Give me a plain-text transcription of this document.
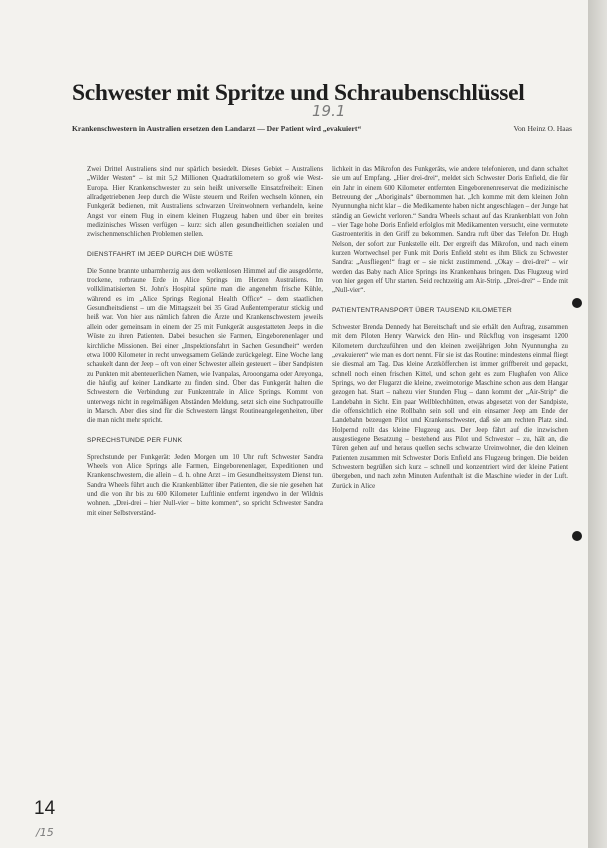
19.1
Schwester mit Spritze und Schraubenschlüssel
Krankenschwestern in Australien ersetzen den Landarzt — Der Patient wird „evakuiert“	Von Heinz O. Haas

Zwei Drittel Australiens sind nur spärlich besiedelt. Dieses Gebiet – Australiens „Wilder Westen“ – ist mit 5,2 Millionen Quadratkilometern so groß wie West-Europa. Hier Krankenschwester zu sein heißt universelle Einsatzfreiheit: Einen allradgetriebenen Jeep durch die Wüste steuern und Reifen wechseln können, ein Funkgerät bedienen, mit Australiens schwarzen Ureinwohnern verhandeln, keine Angst vor einem Flug in einem kleinen Flugzeug haben und über ein breites medizinisches Wissen verfügen – kurz: sich allen gesundheitlichen sozialen und zwischenmenschlichen Problemen stellen.

DIENSTFAHRT IM JEEP DURCH DIE WÜSTE

Die Sonne brannte unbarmherzig aus dem wolkenlosen Himmel auf die ausgedörrte, trockene, rotbraune Erde in Alice Springs im Herzen Australiens. Im vollklimatisierten St. John's Hospital spürte man die angenehm frische Kühle, während es im „Alice Springs Regional Health Office“ – dem staatlichen Gesundheitsdienst – um die Mittagszeit bei 35 Grad Außentemperatur stickig und heiß war. Von hier aus nämlich fahren die Ärzte und Krankenschwestern jeweils allein oder gemeinsam in einem der 25 mit Funkgerät ausgestatteten Jeeps in die Wüste zu ihren Patienten. Dabei besuchen sie Farmen, Eingeborenenlager und kirchliche Missionen. Bei einer „Inspektionsfahrt in Sachen Gesundheit“ werden etwa 1000 Kilometer in recht unwegsamem Gelände zurückgelegt. Eine Woche lang schaukelt dann der Jeep – oft von einer Schwester allein gesteuert – über Sandpisten zu Punkten mit abenteuerlichen Namen, wie Ivanpalas, Arooongama oder Areyonga, die häufig auf keiner Landkarte zu finden sind. Über das Funkgerät halten die Schwestern die Verbindung zur Funkzentrale in Alice Springs. Kommt von unterwegs nicht in regelmäßigen Abständen Meldung, setzt sich eine Suchpatrouille in Marsch. Aber dies sind für die Schwestern längst Routineangelegenheiten, über die man nicht mehr spricht.

SPRECHSTUNDE PER FUNK

Sprechstunde per Funkgerät: Jeden Morgen um 10 Uhr ruft Schwester Sandra Wheels von Alice Springs alle Farmen, Eingeborenenlager, Expeditionen und Krankenschwestern, die allein – d. h. ohne Arzt – im Gesundheitssystem Dienst tun. Sandra Wheels führt auch die Krankenblätter über Patienten, die sie nie gesehen hat und die von ihr bis zu 600 Kilometer Luftlinie entfernt irgendwo in der Wildnis wohnen. „Drei-drei – hier Null-vier – bitte kommen“, so spricht Schwester Sandra mit einer Selbstverständ-

lichkeit in das Mikrofon des Funkgeräts, wie andere telefonieren, und dann schaltet sie um auf Empfang. „Hier drei-drei“, meldet sich Schwester Doris Enfield, die für ein Jahr in einem 600 Kilometer entfernten Eingeborenenreservat die medizinische Betreuung der „Aboriginals“ übernommen hat. „Ich komme mit dem kleinen John Nyunnungha nicht klar – die Medikamente haben nicht angeschlagen – der Junge hat ständig an Gewicht verloren.“ Sandra Wheels schaut auf das Krankenblatt von John – vier Tage hohe Doris Enfield erfolglos mit Medikamenten versucht, eine vermutete Gastroenteritis in den Griff zu bekommen. Sandra ruft über das Telefon Dr. Hugh Nelson, der sofort zur Funkstelle eilt. Der ergreift das Mikrofon, und nach einem kurzen Wortwechsel per Funk mit Doris Enfield steht es ihm Blick zu Schwester Sandra: „Ausfliegen!“ fragt er – sie nickt zustimmend. „Okay – drei-drei“ – wir werden das Baby nach Alice Springs ins Krankenhaus bringen. Das Flugzeug wird von hier gegen elf Uhr starten. Seid rechtzeitig am Air-Strip. „Drei-drei“ – Ende mit „Null-vier“.

PATIENTENTRANSPORT ÜBER TAUSEND KILOMETER

Schwester Brenda Dennedy hat Bereitschaft und sie erhält den Auftrag, zusammen mit dem Piloten Henry Warwick den Hin- und Rückflug von insgesamt 1200 Kilometern durchzuführen und den kleinen zweijährigen John Nyunnungha zu „evakuieren“ wie man es dort nennt. Für sie ist das Routine: mindestens einmal fliegt sie diesmal am Tag. Das kleine Arztköfferchen ist immer griffbereit und gepackt, schnell noch einen frischen Kittel, und schon geht es zum Flughafen von Alice Springs, wo der Flugarzt die kleine, zweimotorige Maschine schon aus dem Hangar gezogen hat. Start – nahezu vier Stunden Flug – dann kommt der „Air-Strip“ die Landebahn in Sicht. Ein paar Wellblechhütten, etwas abgesetzt von der Sandpiste, die offensichtlich eine Rollbahn sein soll und ein einsamer Jeep am Ende der Landebahn bezeugen Pilot und Krankenschwester, daß sie am rechten Platz sind. Holpernd rollt das kleine Flugzeug aus. Der Jeep fährt auf die inzwischen ausgestiegene Besatzung – bestehend aus Pilot und Schwester – zu, hält an, die Türen gehen auf und heraus quellen sechs schwarze Ureinwohner, die den kleinen Patienten zusammen mit Schwester Doris Enfield ans Flugzeug bringen. Die beiden Schwestern begrüßen sich kurz – schnell und konzentriert wird der kleine Patient übergeben, und nach zehn Minuten Aufenthalt ist die Maschine wieder in der Luft. Zurück in Alice

14
/15
